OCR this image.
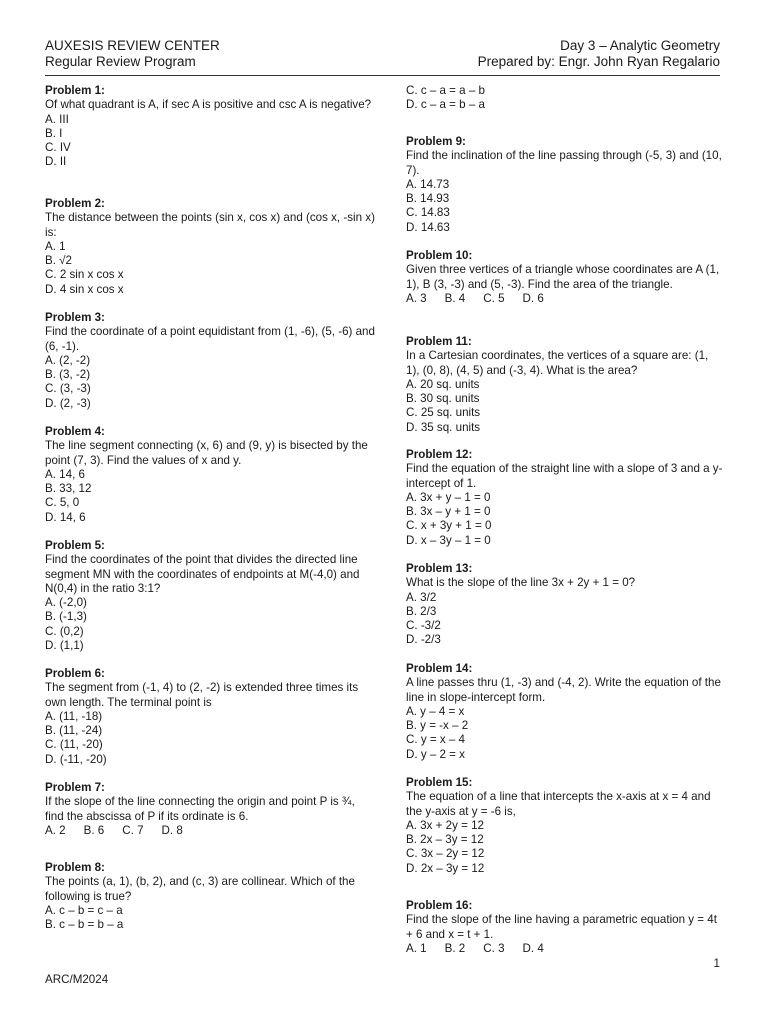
AUXESIS REVIEW CENTER
Regular Review Program
Day 3 – Analytic Geometry
Prepared by: Engr. John Ryan Regalario
Problem 1:
Of what quadrant is A, if sec A is positive and csc A is negative?
A. III
B. I
C. IV
D. II
Problem 2:
The distance between the points (sin x, cos x) and (cos x, -sin x) is:
A. 1
B. √2
C. 2 sin x cos x
D. 4 sin x cos x
Problem 3:
Find the coordinate of a point equidistant from (1, -6), (5, -6) and (6, -1).
A. (2, -2)
B. (3, -2)
C. (3, -3)
D. (2, -3)
Problem 4:
The line segment connecting (x, 6) and (9, y) is bisected by the point (7, 3). Find the values of x and y.
A. 14, 6
B. 33, 12
C. 5, 0
D. 14, 6
Problem 5:
Find the coordinates of the point that divides the directed line segment MN with the coordinates of endpoints at M(-4,0) and N(0,4) in the ratio 3:1?
A. (-2,0)
B. (-1,3)
C. (0,2)
D. (1,1)
Problem 6:
The segment from (-1, 4) to (2, -2) is extended three times its own length. The terminal point is
A. (11, -18)
B. (11, -24)
C. (11, -20)
D. (-11, -20)
Problem 7:
If the slope of the line connecting the origin and point P is ¾, find the abscissa of P if its ordinate is 6.
A. 2 B. 6 C. 7 D. 8
Problem 8:
The points (a, 1), (b, 2), and (c, 3) are collinear. Which of the following is true?
A. c – b = c – a
B. c – b = b – a
C. c – a = a – b
D. c – a = b – a
Problem 9:
Find the inclination of the line passing through (-5, 3) and (10, 7).
A. 14.73
B. 14.93
C. 14.83
D. 14.63
Problem 10:
Given three vertices of a triangle whose coordinates are A (1, 1), B (3, -3) and (5, -3). Find the area of the triangle.
A. 3 B. 4 C. 5 D. 6
Problem 11:
In a Cartesian coordinates, the vertices of a square are: (1, 1), (0, 8), (4, 5) and (-3, 4). What is the area?
A. 20 sq. units
B. 30 sq. units
C. 25 sq. units
D. 35 sq. units
Problem 12:
Find the equation of the straight line with a slope of 3 and a y-intercept of 1.
A. 3x + y – 1 = 0
B. 3x – y + 1 = 0
C. x + 3y + 1 = 0
D. x – 3y – 1 = 0
Problem 13:
What is the slope of the line 3x + 2y + 1 = 0?
A. 3/2
B. 2/3
C. -3/2
D. -2/3
Problem 14:
A line passes thru (1, -3) and (-4, 2). Write the equation of the line in slope-intercept form.
A. y – 4 = x
B. y = -x – 2
C. y = x – 4
D. y – 2 = x
Problem 15:
The equation of a line that intercepts the x-axis at x = 4 and the y-axis at y = -6 is,
A. 3x + 2y = 12
B. 2x – 3y = 12
C. 3x – 2y = 12
D. 2x – 3y = 12
Problem 16:
Find the slope of the line having a parametric equation y = 4t + 6 and x = t + 1.
A. 1 B. 2 C. 3 D. 4
1
ARC/M2024
